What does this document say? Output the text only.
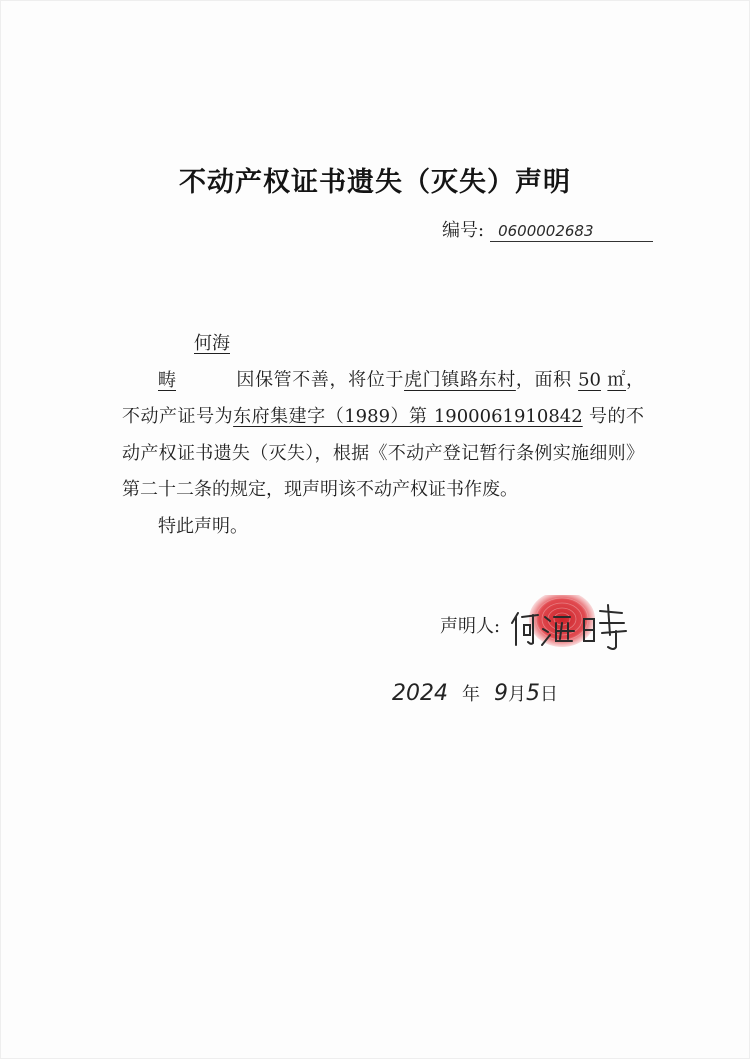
不动产权证书遗失（灭失）声明
编号: 0600002683

何海畴	因保管不善，将位于虎门镇路东村，面积 50 ㎡，不动产证号为东府集建字（1989）第 1900061910842 号的不动产权证书遗失（灭失），根据《不动产登记暂行条例实施细则》第二十二条的规定，现声明该不动产权证书作废。

特此声明。

声明人:
2024 年 9 月 5 日
